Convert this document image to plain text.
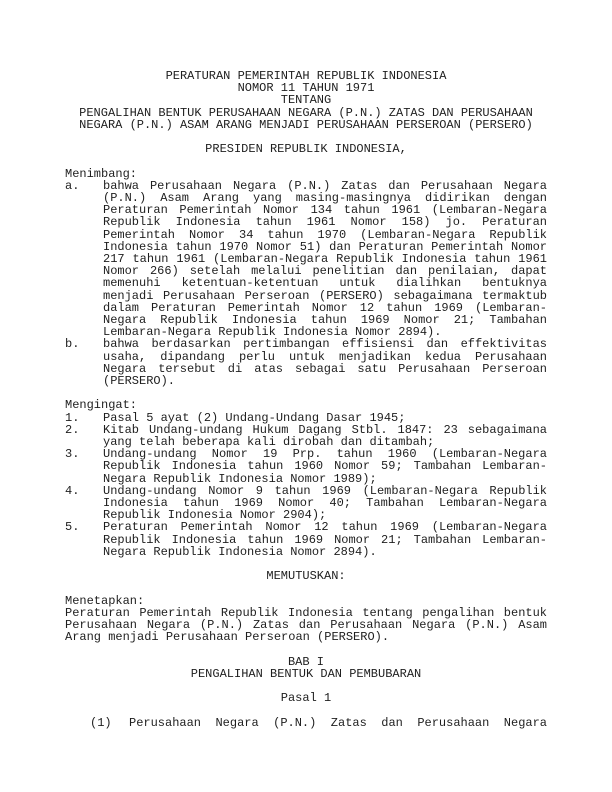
PERATURAN PEMERINTAH REPUBLIK INDONESIA
NOMOR 11 TAHUN 1971
TENTANG
PENGALIHAN BENTUK PERUSAHAAN NEGARA (P.N.) ZATAS DAN PERUSAHAAN
NEGARA (P.N.) ASAM ARANG MENJADI PERUSAHAAN PERSEROAN (PERSERO)
PRESIDEN REPUBLIK INDONESIA,
Menimbang:
a.	bahwa Perusahaan Negara (P.N.) Zatas dan Perusahaan Negara (P.N.) Asam Arang yang masing-masingnya didirikan dengan Peraturan Pemerintah Nomor 134 tahun 1961 (Lembaran-Negara Republik Indonesia tahun 1961 Nomor 158) jo. Peraturan Pemerintah Nomor 34 tahun 1970 (Lembaran-Negara Republik Indonesia tahun 1970 Nomor 51) dan Peraturan Pemerintah Nomor 217 tahun 1961 (Lembaran-Negara Republik Indonesia tahun 1961 Nomor 266) setelah melalui penelitian dan penilaian, dapat memenuhi ketentuan-ketentuan untuk dialihkan bentuknya menjadi Perusahaan Perseroan (PERSERO) sebagaimana termaktub dalam Peraturan Pemerintah Nomor 12 tahun 1969 (Lembaran-Negara Republik Indonesia tahun 1969 Nomor 21; Tambahan Lembaran-Negara Republik Indonesia Nomor 2894).
b.	bahwa berdasarkan pertimbangan effisiensi dan effektivitas usaha, dipandang perlu untuk menjadikan kedua Perusahaan Negara tersebut di atas sebagai satu Perusahaan Perseroan (PERSERO).
Mengingat:
1.	Pasal 5 ayat (2) Undang-Undang Dasar 1945;
2.	Kitab Undang-undang Hukum Dagang Stbl. 1847: 23 sebagaimana yang telah beberapa kali dirobah dan ditambah;
3.	Undang-undang Nomor 19 Prp. tahun 1960 (Lembaran-Negara Republik Indonesia tahun 1960 Nomor 59; Tambahan Lembaran-Negara Republik Indonesia Nomor 1989);
4.	Undang-undang Nomor 9 tahun 1969 (Lembaran-Negara Republik Indonesia tahun 1969 Nomor 40; Tambahan Lembaran-Negara Republik Indonesia Nomor 2904);
5.	Peraturan Pemerintah Nomor 12 tahun 1969 (Lembaran-Negara Republik Indonesia tahun 1969 Nomor 21; Tambahan Lembaran-Negara Republik Indonesia Nomor 2894).
MEMUTUSKAN:
Menetapkan:
Peraturan Pemerintah Republik Indonesia tentang pengalihan bentuk Perusahaan Negara (P.N.) Zatas dan Perusahaan Negara (P.N.) Asam Arang menjadi Perusahaan Perseroan (PERSERO).
BAB I
PENGALIHAN BENTUK DAN PEMBUBARAN
Pasal 1
(1)	Perusahaan Negara (P.N.) Zatas dan Perusahaan Negara
